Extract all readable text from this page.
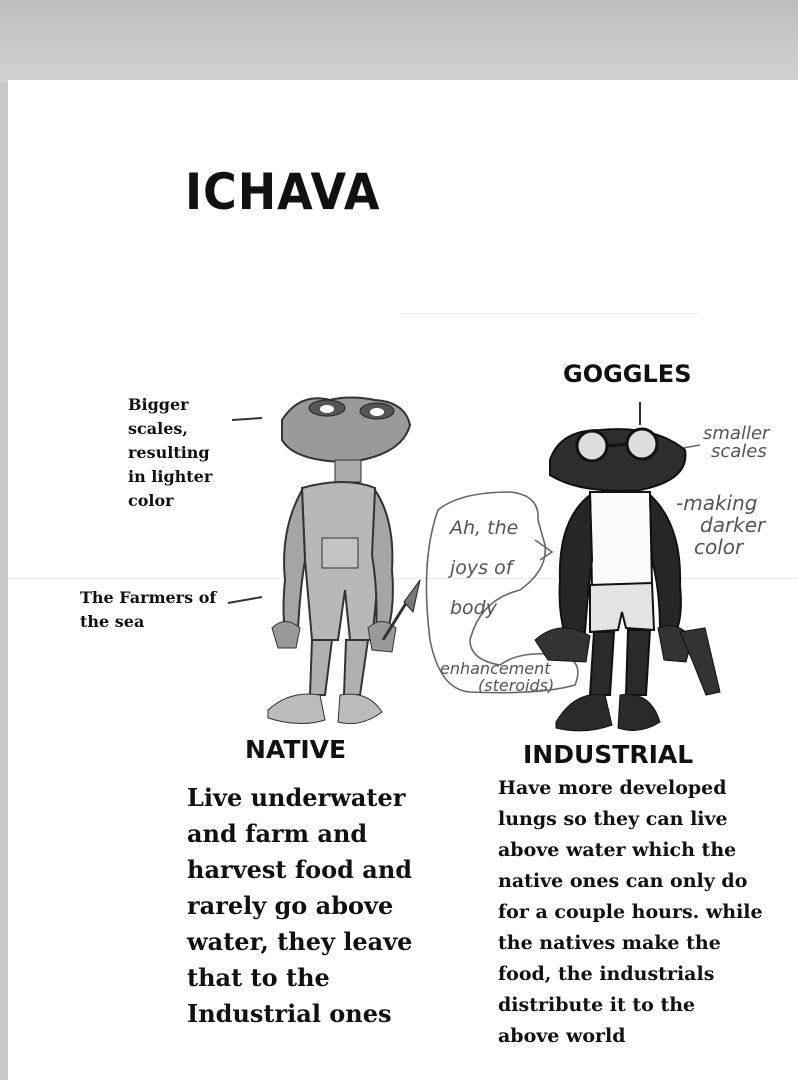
ICHAVA
GOGGLES
NATIVE	INDUSTRIAL
Bigger
scales,
resulting
in lighter
color
The Farmers of
the sea
smaller
scales
-making
darker
color
Ah, the
joys of
body
enhancement
(steroids)
Live underwater
and farm and
harvest food and
rarely go above
water, they leave
that to the
Industrial ones
Have more developed
lungs so they can live
above water which the
native ones can only do
for a couple hours. while
the natives make the
food, the industrials
distribute it to the
above world
